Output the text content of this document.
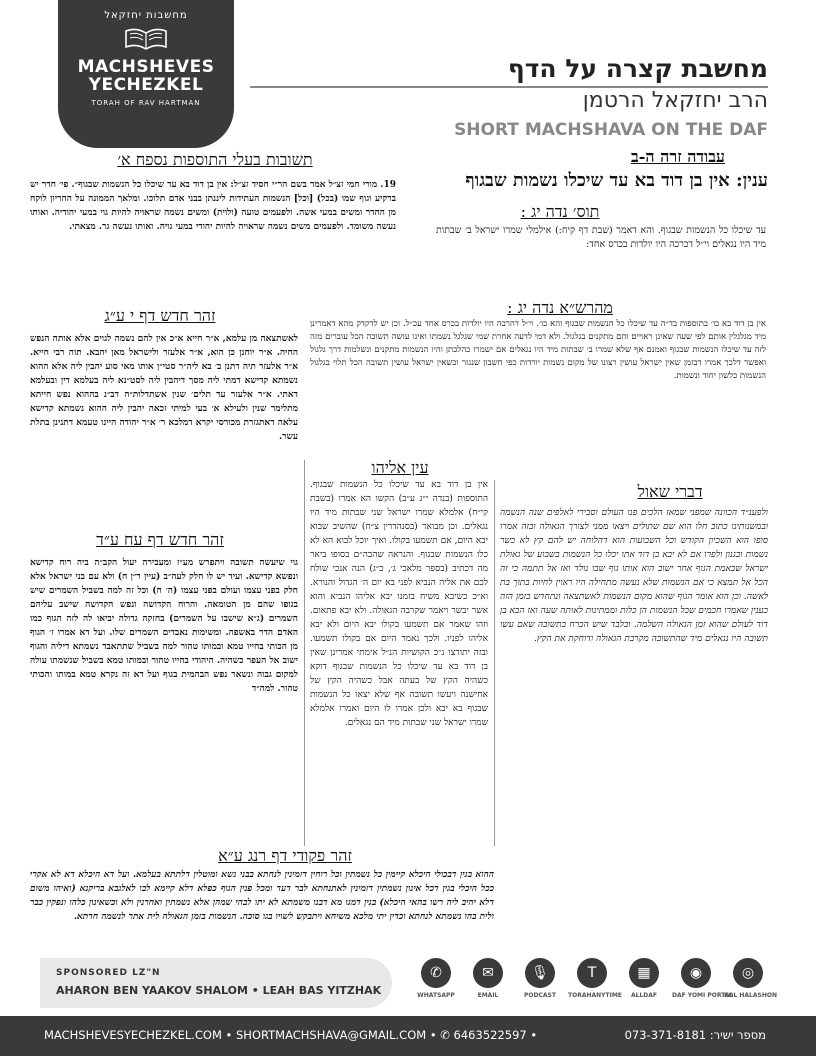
מחשבות יחזקאל
MACHSHEVES
YECHEZKEL
TORAH OF RAV HARTMAN
מחשבת קצרה על הדף
הרב יחזקאל הרטמן
SHORT MACHSHAVA ON THE DAF
עבודה זרה ה-ב
ענין: אין בן דוד בא עד שיכלו נשמות שבגוף
תשובות בעלי התוספות נספח א׳
19. מורי חמי זצ״ל אמר בשם הר״י חסיד זצ״ל: אין בן דוד בא עד שיכלו כל הנשמות שבגוף״. פי׳ חדר יש ברקיע וגוף שמו (בכל) [וכל] הנשמות העתידות ליננתן בבני אדם תלוכו. ומלאך הממונה על ההריון לוקח מן החדר ומשים במעי אשה. ולפעמים טועה (ולוית) ומשים נשמה שראויה להיות גוי במעי יהודיה. ואותו נעשה משומד. ולפעמים משים נשמה שראויה להיות יהודי במעי גויה. ואותו נעשה גר. מצאתי.
תוס׳ נדה יג :
עד שיכלו כל הנשמות שבגוף. והא דאמר (שבת דף קיח:) אילמלי שמרו ישראל ב׳ שבתות מיד היו נגאלים וי״ל דכרכה היו יולדות בכרס אחד:
זהר חדש דף י ע״ג
לאשתצאה מן עלמא, א״ר חייא א״כ אין להם נשמה לגוים אלא אותה הנפש החיה. א״ר יוחנן כן הוא, א״ר אלעזר ולישראל מאן יהבא. תוה רבי חייא. א״ר אלעזר תיה דתנן ב׳ בא ליה״ר סטי״ן אותו מאי סוע יהבין ליה אלא ההוא נשמתא קדישא דמתי ליה מסך דיהבין ליה לסט״נא ליה בעלמא דין ובעלמא דאתי. א״ר אלעזר עד תלים׳ שנין אשתדלות״ה דב״נ בההוא נפש חייתא מתלימר שנין ולעילא א׳ בעי למיתי זכאה יהבין ליה ההוא נשמתא קדישא עלאה דאתגזרת מכורסי יקרא דמלכא ר׳ א״ר יהודה היינו טעמא דתנינן בתלת עשר.
מהרש״א נדה יג :
אין בן דוד בא כו׳ בתוספות בד״ה עד שיכלו כל הנשמות שבגוף והא כו׳. וי״ל דהרבה היו יולדות בכרס אחד עכ״ל. וכן יש לדקדק מהא דאמרינן מיד מגלגלין אותם לפי שעה שאינן ראויים והם מתקנים בגלגול. ולא דמי לדעה אחרת שמי שגלגל נשמתו ואינו עושה תשובה הכל עוברים מזה לזה עד שיכלו הנשמות שבגוף ואמנם אף שלא שמרו ב׳ שבתות מיד היו נגאלים אם ישמרו כהלכתן והיו הנשמות מתקנים ונשלמות דרך גלגול ואפשר דלכך אמרו דבזמן שאין ישראל עושין רצונו של מקום נשמות יורדות כפי חשבון שנגזר וכשאין ישראל עושין תשובה הכל תלוי בגלגול הנשמות כלשון יחוד ונשמות.
עין אליהו
אין בן דוד בא עד שיכלו כל הנשמות שבגוף. התוספות (בנדה י״ג ע״ב) הקשו הא אמרו (בשבת קי״ח) אלמלא שמרו ישראל שני שבתות מיד היו נגאלים. וכן מבואר (בסנהדרין צ״ח) שהשיב שבוא יבא היום, אם תשמעו בקולו. ואיך יוכל לבוא הא לא כלו הנשמות שבגוף. והנראה שהבה״ם בסופו ביאר מה דכתיב (בספר מלאכי ג׳, כ״ג) הנה אנכי שולח לכם את אליה הנביא לפני בא יום ה׳ הגדול והנורא. וא״כ כשיבא משיח בזמנו יבא אליהו הנביא והוא אשר יבשר ויאמר שקרבה הגאולה. ולא יבא פתאום. וזהו שאמר אם תשמעו בקולו יבא היום ולא יבא אליהו לפניו. ולכך נאמר היום אם בקולו תשמעו. ובזה יתורצו נ״כ הקושיות הנ״ל אימתי אמרינן שאין בן דוד בא עד שיכלו כל הנשמות שבגוף דוקא כשהיה הקץ של בעתה אבל כשהיה הקץ של אחישנה ויעשו תשובה אף שלא יצאו כל הנשמות שבגוף בא יבא ולכן אמרו לו היום ואמרו אלמלא שמרו ישראל שני שבתות מיד הם נגאלים.
דברי שאול
ולפענ״ד הכוונה שמפני שמאז הלכים פנו העולם וסבירי לאלפים שנה הנשמה ובמשנותינו כתוב חלו הוא שם שתולים ויצאו ממני לצורך הגאולה ובזה אמרו סופו הוא השכיון הקודש וכל השבועות הוא דהלוחה יש להם קץ לא כשר נשמות ובגנון ולפרו אם לא יבא בן דוד אתו יכלו כל הנשמות בשבוע של גאולת ישראל שבאמת הגוף אחר ישוב הוא אותו גוף שבו נולד ואז אל תתמה כי זה הכל אל תמצא כי אם הנשמות שלא נעשה מתחילה היו ראוין לחיות בתוך בת לאשה. וכן הוא אומר הגוף שהוא מקום הנשמות לאשתצאה ונתחדש בזמן הזה כענין שאמרו חכמים שכל הנשמות הן כלות וממתינות לאותה שעה ואז הבא בן דוד לעולם שהוא זמן הגאולה השלמה. ובלבד שיש הכרח בתשובה שאם עשו תשובה היו נגאלים מיד שהתשובה מקרבת הגאולה ודוחקת את הקץ.
זהר חדש דף עח ע״ד
גוי שיעשה תשובה ויתפרש מע״ז ומעבירה יעול הקב״ה ביה רוח קדישא ונפשא קדישא. ועיד יש לו חלק לעה״ב (עיין ר״ן ח) ולא עם בני ישראל אלא חלק בפני עצמו ועולם בפני עצמו (ה׳ ח) וכל זה למה בשביל השמרים שיש בגופו שהם מן הטומאה. והרוח הקדושה ונפש הקדושה שישב עליהם השמרים (ג״א שישבו על השמרים) בחזקה גדולה יביאו לה לזה הגוף כמו האדם הדר באשפה. ומשימות נאבדים השמרים שלו. ועל דא אמרו ז׳ הגוף מן הכותי בחייו טמא ובמותו טהור למה בשביל שתתאבד נשמתא דיליה והגוף ישוב אל העפר כשהיה. היהודי בחייו טהור ובמותו טמא בשביל שנשמתו עולה למקום גבוה ונשאר נפש הבהמית בגוף ועל דא זה נקרא טמא במותו והכותי טהור. למה״ד
זהר פקודי דף רנג ע״א
ההוא בגין דבכולי היכלא קיימין כל נשמתין וכל רוחין דזמינין לנחתא בבני נשא ומוטלין דלתתא בעלמא. ועל דא היכלא דא לא אקרי ככל היכלי בגין דכל אינון נשמתין דזמינין לאתנחתא לבר דעד ומכל פנין הגוף כפלא דלא קיימא לבו לאלגבא בריקנא (ואיהו משום דלא יהיב ליה רשו בהאי היכלא) בגין דמגו מא דבנו משמתא לא יתו לבהי שמהן אלא נשמתין ואחרנין ולא וכשאינון כלהו ונפקין כבר ולית בהו נשמתא לנחתא וכדין יתי מלכא משיחא ויתבקש לשויו בגו סוכה. הנשמות בזמן הגאולה לית אתר לנשמה חדתא.
SPONSORED LZ"N
AHARON BEN YAAKOV SHALOM • LEAH BAS YITZHAK
✆
WHATSAPP
✉
EMAIL
🎙
PODCAST
T
TORAHANYTIME
▦
ALLDAF
◉
DAF YOMI PORTAL
◎
KOL HALASHON
MACHSHEVESYECHEZKEL.COM • SHORTMACHSHAVA@GMAIL.COM • ✆ 6463522597 •	מספר ישיר: 073-371-8181
